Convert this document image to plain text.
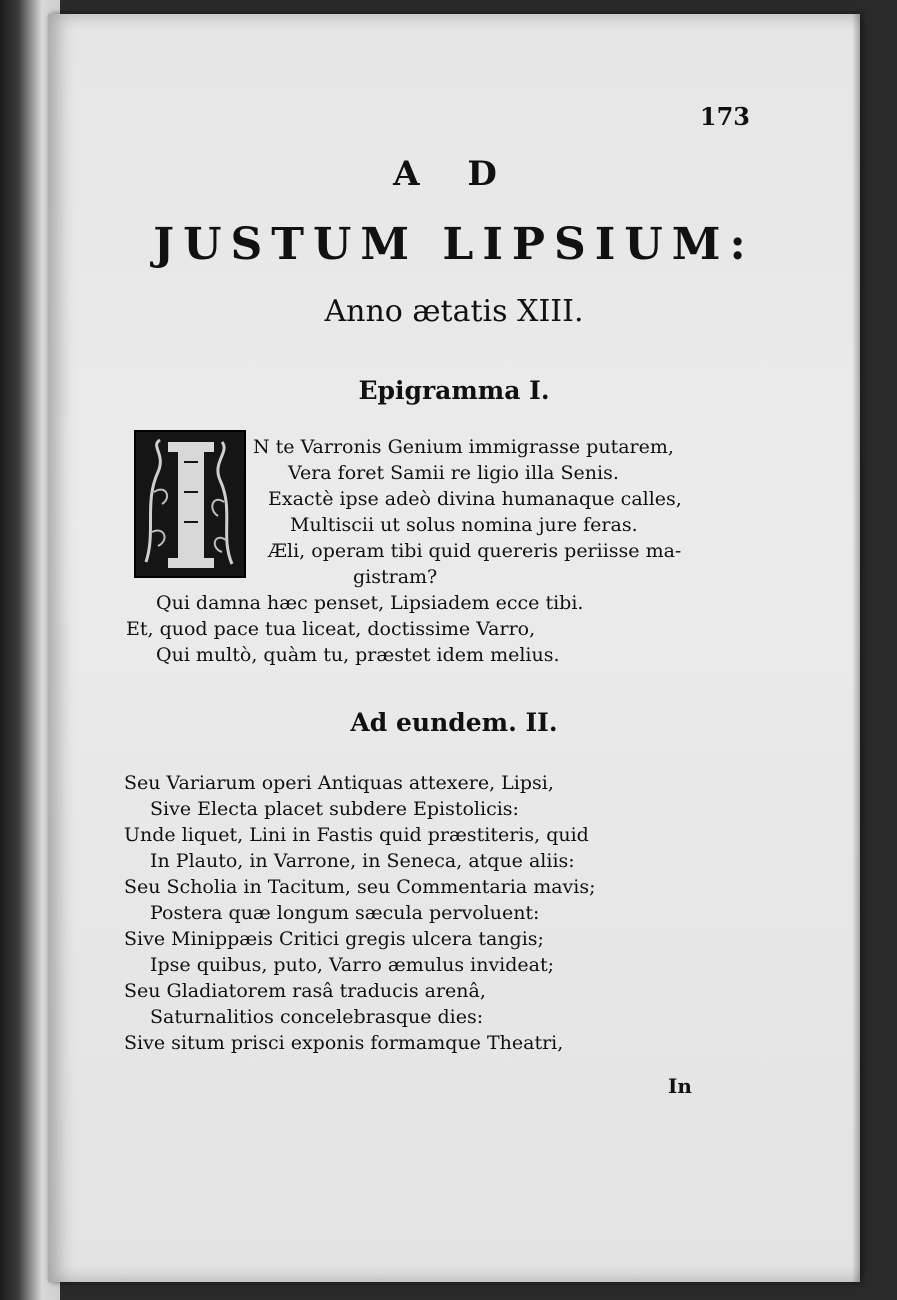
173
A D
JUSTUM LIPSIUM:
Anno ætatis XIII.
Epigramma I.
N te Varronis Genium immigrasse putarem,
Vera foret Samii re ligio illa Senis.
Exactè ipse adeò divina humanaque calles,
Multiscii ut solus nomina jure feras.
Æli, operam tibi quid quereris periisse ma-
gistram?
Qui damna hæc penset, Lipsiadem ecce tibi.
Et, quod pace tua liceat, doctissime Varro,
Qui multò, quàm tu, præstet idem melius.
Ad eundem. II.
Seu Variarum operi Antiquas attexere, Lipsi,
Sive Electa placet subdere Epistolicis:
Unde liquet, Lini in Fastis quid præstiteris, quid
In Plauto, in Varrone, in Seneca, atque aliis:
Seu Scholia in Tacitum, seu Commentaria mavis;
Postera quæ longum sæcula pervoluent:
Sive Minippæis Critici gregis ulcera tangis;
Ipse quibus, puto, Varro æmulus invideat;
Seu Gladiatorem rasâ traducis arenâ,
Saturnalitios concelebrasque dies:
Sive situm prisci exponis formamque Theatri,
In
